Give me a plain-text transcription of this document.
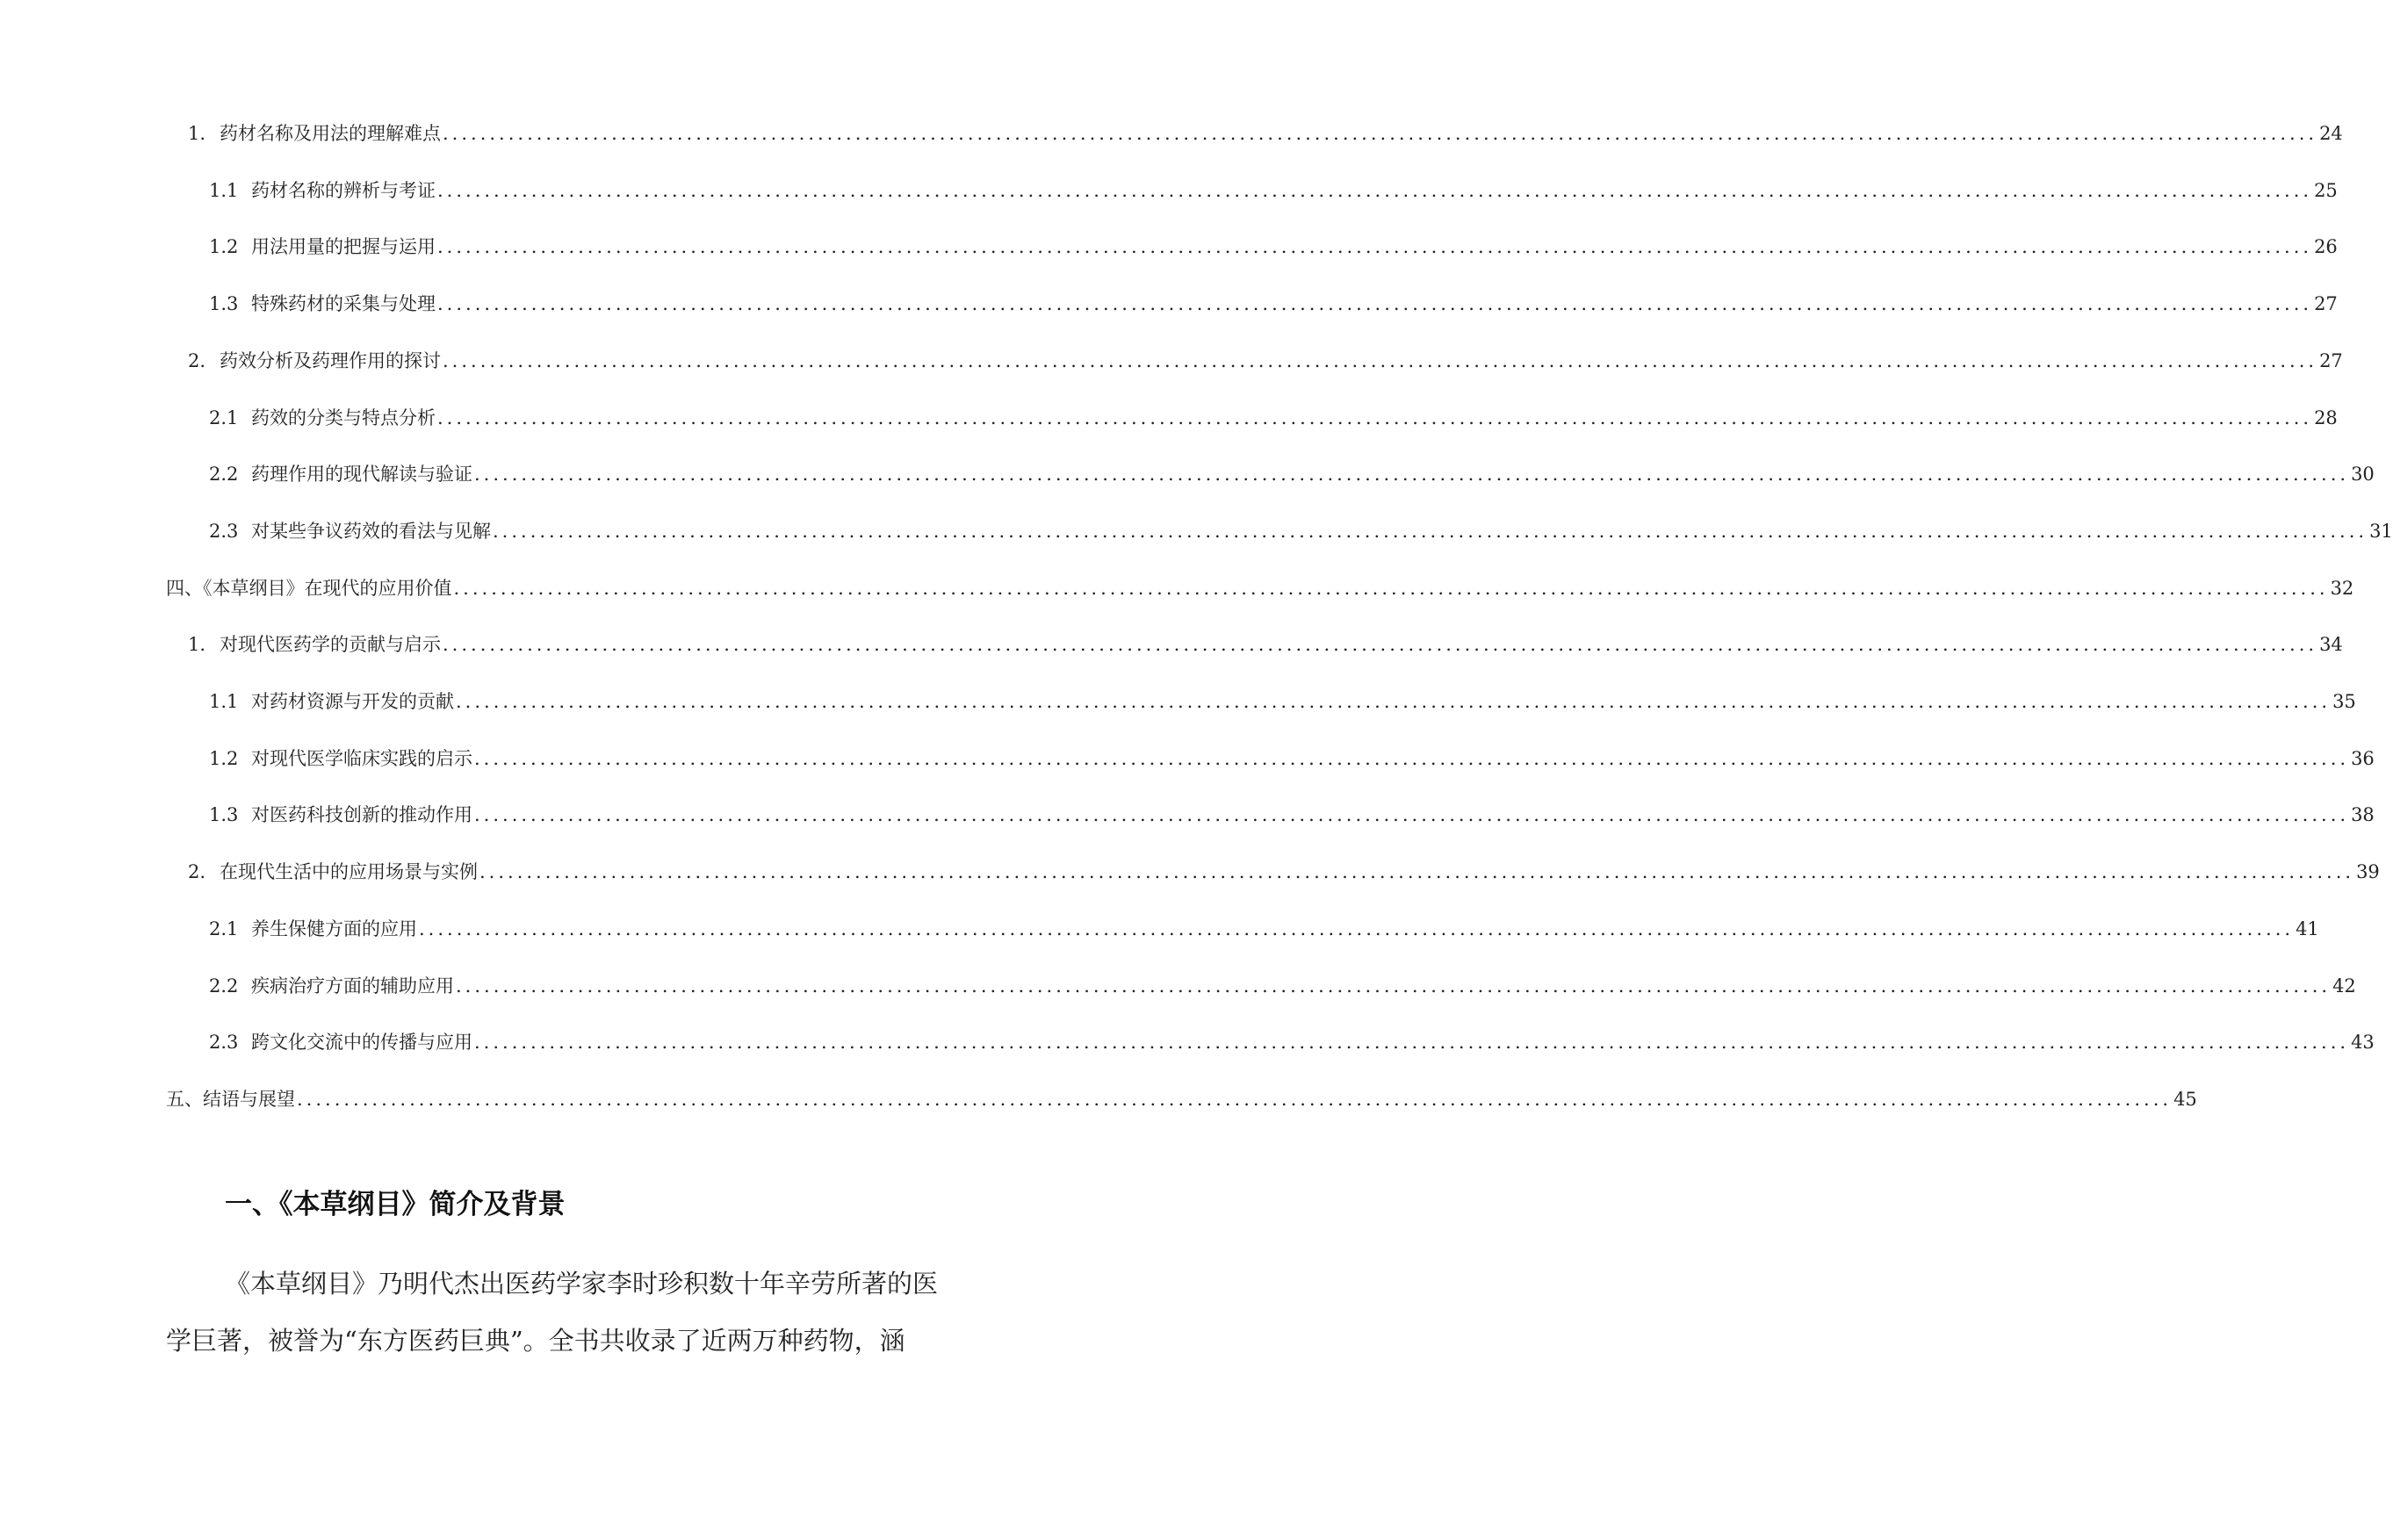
1. 药材名称及用法的理解难点 ........................................................................................................................................................................................................ 24
1.1 药材名称的辨析与考证 ........................................................................................................................................................................................................ 25
1.2 用法用量的把握与运用 ........................................................................................................................................................................................................ 26
1.3 特殊药材的采集与处理 ........................................................................................................................................................................................................ 27
2. 药效分析及药理作用的探讨 ........................................................................................................................................................................................................ 27
2.1 药效的分类与特点分析 ........................................................................................................................................................................................................ 28
2.2 药理作用的现代解读与验证 ........................................................................................................................................................................................................ 30
2.3 对某些争议药效的看法与见解 ........................................................................................................................................................................................................ 31
四、《本草纲目》在现代的应用价值 ........................................................................................................................................................................................................ 32
1. 对现代医药学的贡献与启示 ........................................................................................................................................................................................................ 34
1.1 对药材资源与开发的贡献 ........................................................................................................................................................................................................ 35
1.2 对现代医学临床实践的启示 ........................................................................................................................................................................................................ 36
1.3 对医药科技创新的推动作用 ........................................................................................................................................................................................................ 38
2. 在现代生活中的应用场景与实例 ........................................................................................................................................................................................................ 39
2.1 养生保健方面的应用 ........................................................................................................................................................................................................ 41
2.2 疾病治疗方面的辅助应用 ........................................................................................................................................................................................................ 42
2.3 跨文化交流中的传播与应用 ........................................................................................................................................................................................................ 43
五、结语与展望 ........................................................................................................................................................................................................ 45
一、《本草纲目》简介及背景
《本草纲目》乃明代杰出医药学家李时珍积数十年辛劳所著的医
学巨著，被誉为“东方医药巨典”。全书共收录了近两万种药物，涵
